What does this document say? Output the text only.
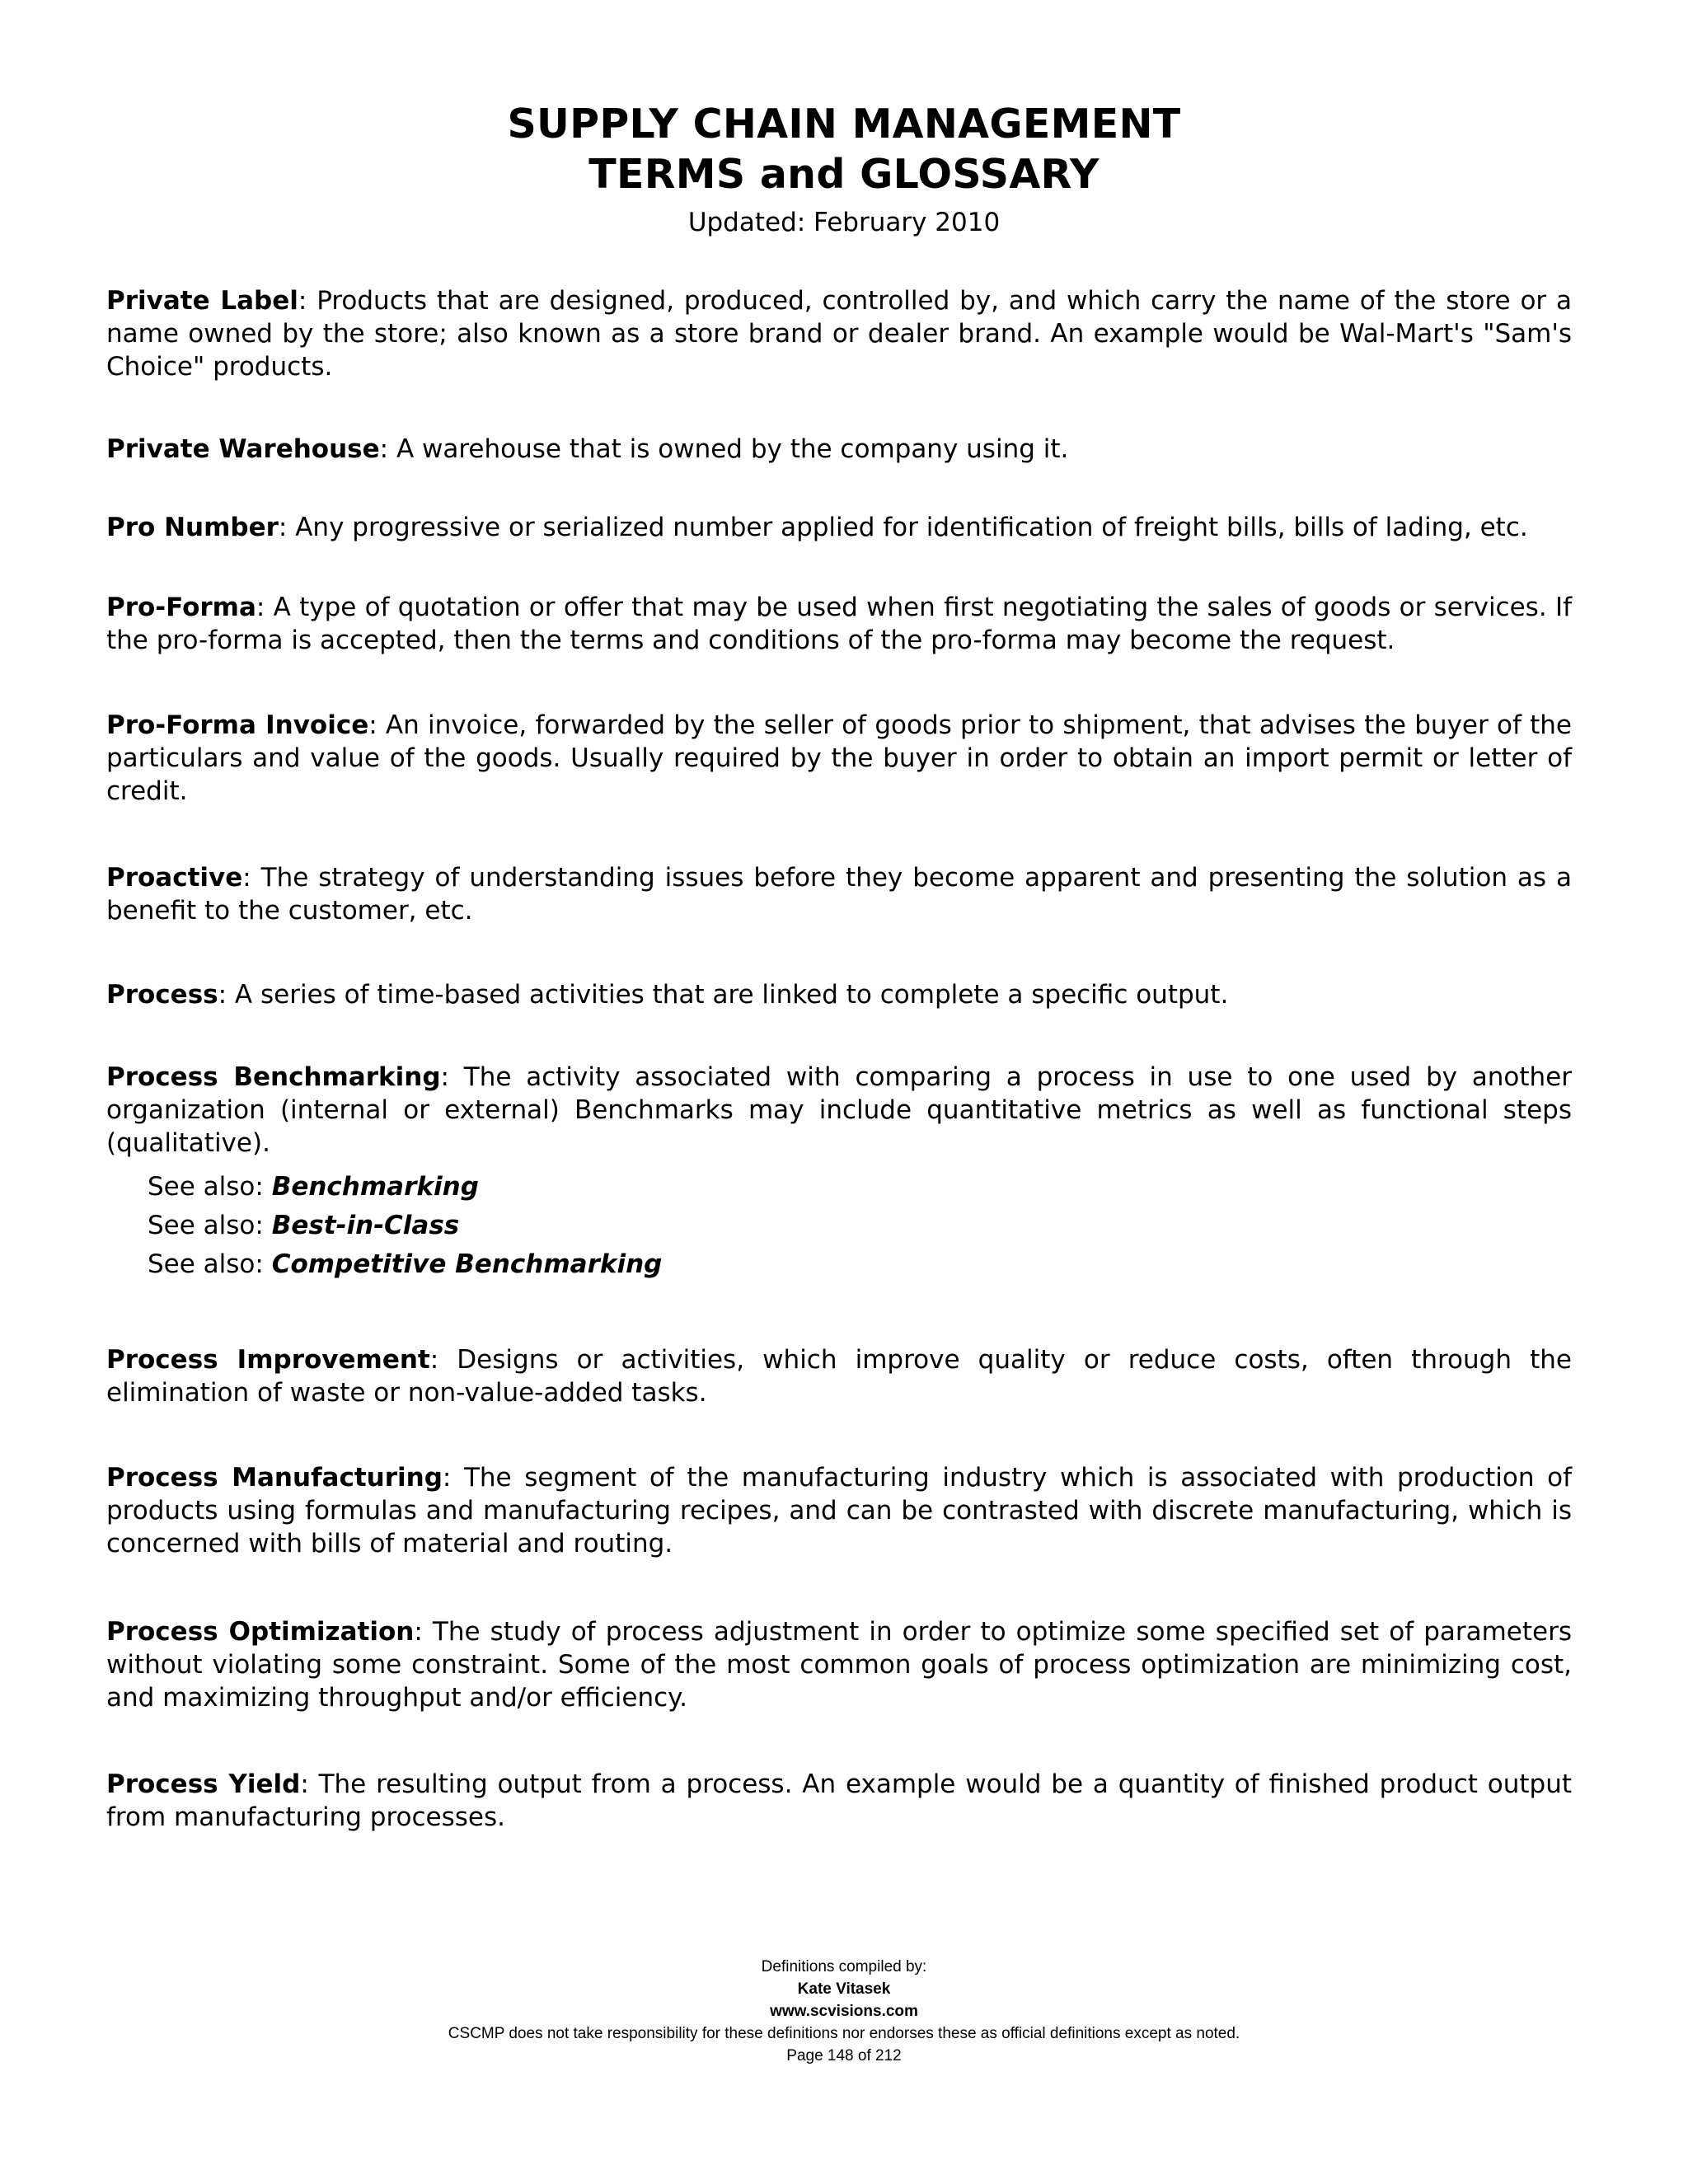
SUPPLY CHAIN MANAGEMENT
TERMS and GLOSSARY
Updated: February 2010

Private Label: Products that are designed, produced, controlled by, and which carry the name of the store or a name owned by the store; also known as a store brand or dealer brand. An example would be Wal-Mart's "Sam's Choice" products.

Private Warehouse: A warehouse that is owned by the company using it.

Pro Number: Any progressive or serialized number applied for identification of freight bills, bills of lading, etc.

Pro-Forma: A type of quotation or offer that may be used when first negotiating the sales of goods or services. If the pro-forma is accepted, then the terms and conditions of the pro-forma may become the request.

Pro-Forma Invoice: An invoice, forwarded by the seller of goods prior to shipment, that advises the buyer of the particulars and value of the goods. Usually required by the buyer in order to obtain an import permit or letter of credit.

Proactive: The strategy of understanding issues before they become apparent and presenting the solution as a benefit to the customer, etc.

Process: A series of time-based activities that are linked to complete a specific output.

Process Benchmarking: The activity associated with comparing a process in use to one used by another organization (internal or external) Benchmarks may include quantitative metrics as well as functional steps (qualitative).

See also: Benchmarking
See also: Best-in-Class
See also: Competitive Benchmarking

Process Improvement: Designs or activities, which improve quality or reduce costs, often through the elimination of waste or non-value-added tasks.

Process Manufacturing: The segment of the manufacturing industry which is associated with production of products using formulas and manufacturing recipes, and can be contrasted with discrete manufacturing, which is concerned with bills of material and routing.

Process Optimization: The study of process adjustment in order to optimize some specified set of parameters without violating some constraint. Some of the most common goals of process optimization are minimizing cost, and maximizing throughput and/or efficiency.

Process Yield: The resulting output from a process. An example would be a quantity of finished product output from manufacturing processes.

Definitions compiled by:
Kate Vitasek
www.scvisions.com
CSCMP does not take responsibility for these definitions nor endorses these as official definitions except as noted.
Page 148 of 212
